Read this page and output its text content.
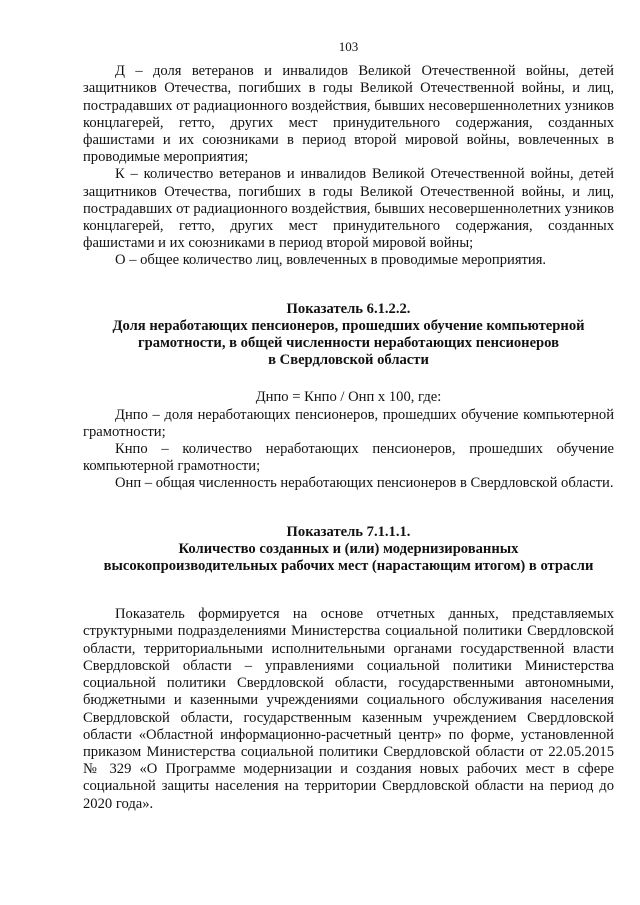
103

Д – доля ветеранов и инвалидов Великой Отечественной войны, детей защитников Отечества, погибших в годы Великой Отечественной войны, и лиц, пострадавших от радиационного воздействия, бывших несовершеннолетних узников концлагерей, гетто, других мест принудительного содержания, созданных фашистами и их союзниками в период второй мировой войны, вовлеченных в проводимые мероприятия;

К – количество ветеранов и инвалидов Великой Отечественной войны, детей защитников Отечества, погибших в годы Великой Отечественной войны, и лиц, пострадавших от радиационного воздействия, бывших несовершеннолетних узников концлагерей, гетто, других мест принудительного содержания, созданных фашистами и их союзниками в период второй мировой войны;

О – общее количество лиц, вовлеченных в проводимые мероприятия.

Показатель 6.1.2.2.
Доля неработающих пенсионеров, прошедших обучение компьютерной
грамотности, в общей численности неработающих пенсионеров
в Свердловской области
Днпо = Кнпо / Онп х 100, где:

Днпо – доля неработающих пенсионеров, прошедших обучение компьютерной грамотности;

Кнпо – количество неработающих пенсионеров, прошедших обучение компьютерной грамотности;

Онп – общая численность неработающих пенсионеров в Свердловской области.

Показатель 7.1.1.1.
Количество созданных и (или) модернизированных
высокопроизводительных рабочих мест (нарастающим итогом) в отрасли

Показатель формируется на основе отчетных данных, представляемых структурными подразделениями Министерства социальной политики Свердловской области, территориальными исполнительными органами государственной власти Свердловской области – управлениями социальной политики Министерства социальной политики Свердловской области, государственными автономными, бюджетными и казенными учреждениями социального обслуживания населения Свердловской области, государственным казенным учреждением Свердловской области «Областной информационно-расчетный центр» по форме, установленной приказом Министерства социальной политики Свердловской области от 22.05.2015 № 329 «О Программе модернизации и создания новых рабочих мест в сфере социальной защиты населения на территории Свердловской области на период до 2020 года».
